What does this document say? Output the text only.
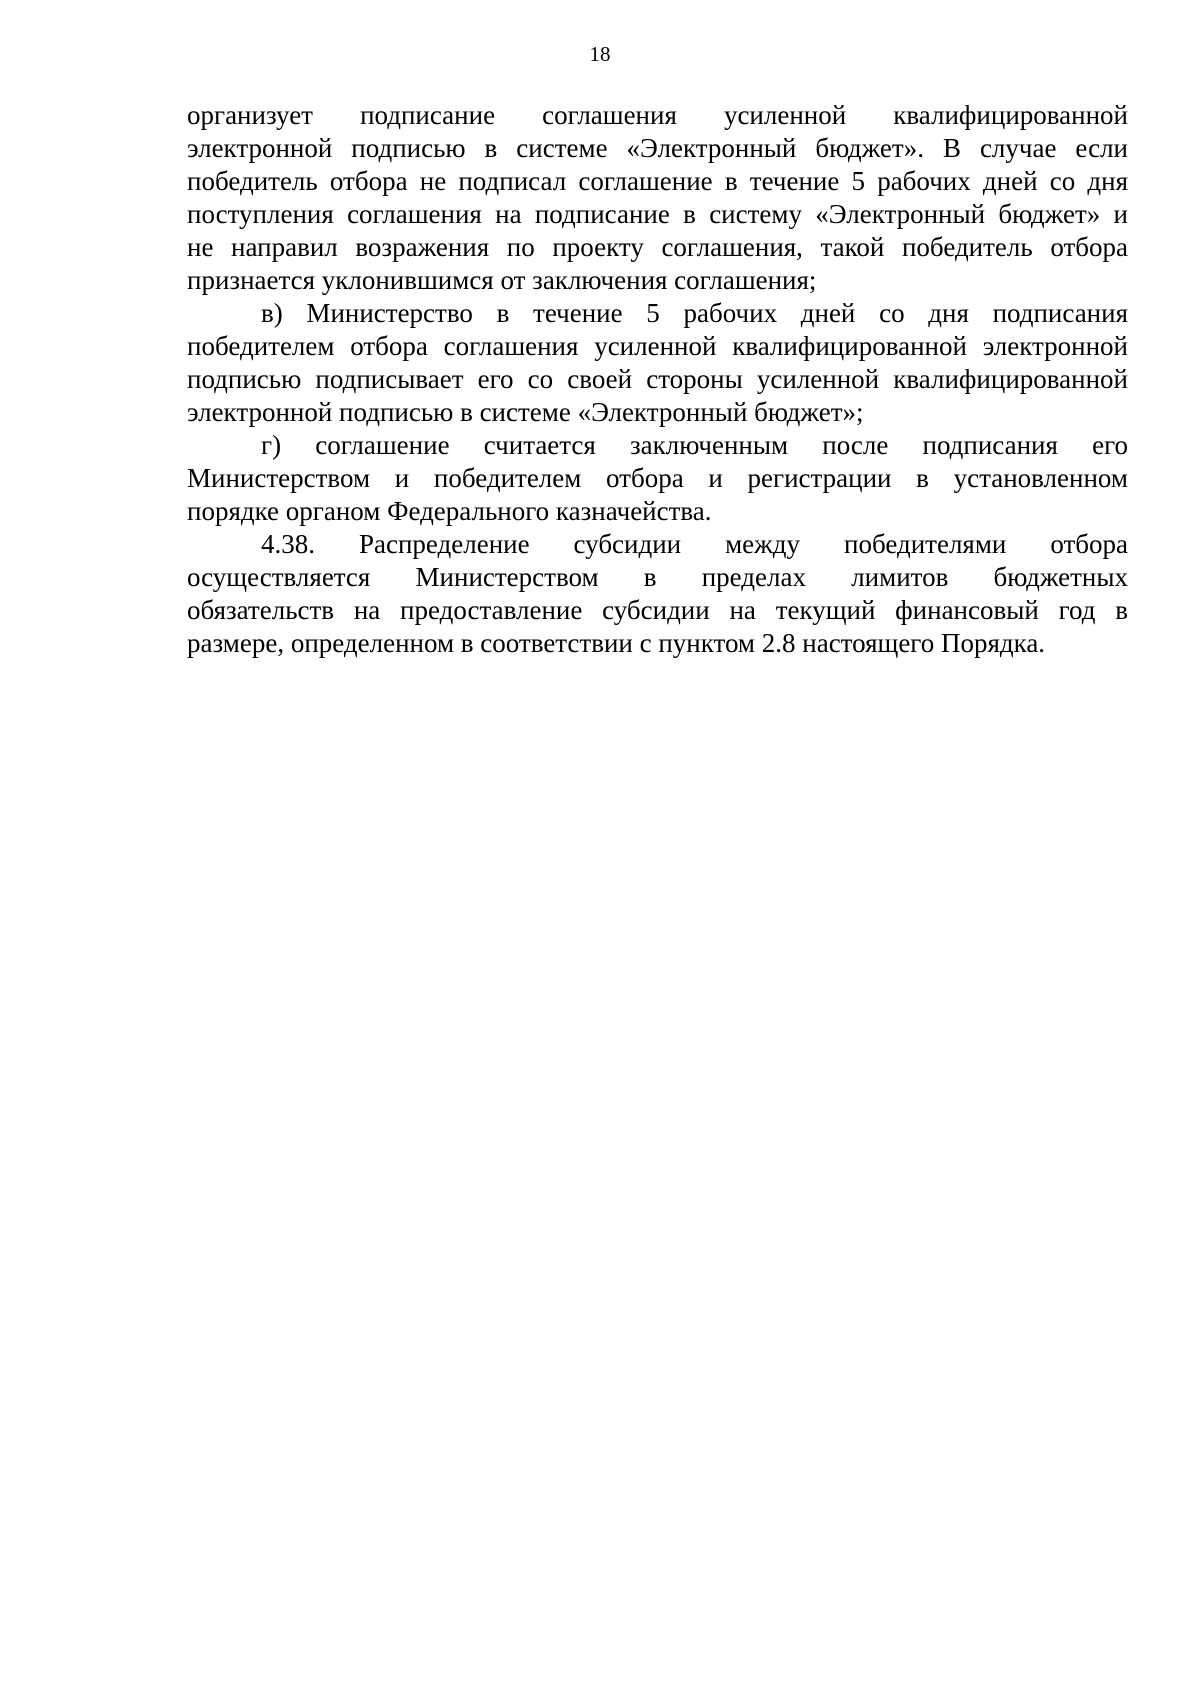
18
организует подписание соглашения усиленной квалифицированной
электронной подписью в системе «Электронный бюджет». В случае если
победитель отбора не подписал соглашение в течение 5 рабочих дней со дня
поступления соглашения на подписание в систему «Электронный бюджет» и
не направил возражения по проекту соглашения, такой победитель отбора
признается уклонившимся от заключения соглашения;
в) Министерство в течение 5 рабочих дней со дня подписания
победителем отбора соглашения усиленной квалифицированной электронной
подписью подписывает его со своей стороны усиленной квалифицированной
электронной подписью в системе «Электронный бюджет»;
г) соглашение считается заключенным после подписания его
Министерством и победителем отбора и регистрации в установленном
порядке органом Федерального казначейства.
4.38. Распределение субсидии между победителями отбора
осуществляется Министерством в пределах лимитов бюджетных
обязательств на предоставление субсидии на текущий финансовый год в
размере, определенном в соответствии с пунктом 2.8 настоящего Порядка.
